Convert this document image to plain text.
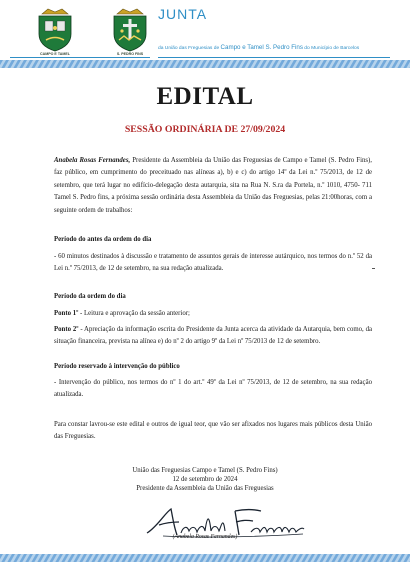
CAMPO E TAMEL	S. PEDRO FINS
JUNTA
da União das Freguesias de Campo e Tamel S. Pedro Fins do Município de Barcelos
EDITAL
SESSÃO ORDINÁRIA DE 27/09/2024
Anabela Rosas Fernandes, Presidente da Assembleia da União das Freguesias de Campo e Tamel (S. Pedro Fins), faz público, em cumprimento do preceituado nas alíneas a), b) e c) do artigo 14º da Lei n.º 75/2013, de 12 de setembro, que terá lugar no edifício-delegação desta autarquia, sita na Rua N. S.ra da Portela, n.º 1010, 4750- 711 Tamel S. Pedro fins, a próxima sessão ordinária desta Assembleia da União das Freguesias, pelas 21:00horas, com a seguinte ordem de trabalhos:
Período do antes da ordem do dia
- 60 minutos destinados à discussão e tratamento de assuntos gerais de interesse autárquico, nos termos do n.º 52 da Lei n.º 75/2013, de 12 de setembro, na sua redação atualizada.
Período da ordem do dia
Ponto 1º - Leitura e aprovação da sessão anterior;
Ponto 2º - Apreciação da informação escrita do Presidente da Junta acerca da atividade da Autarquia, bem como, da situação financeira, prevista na alínea e) do nº 2 do artigo 9º da Lei nº 75/2013 de 12 de setembro.
Período reservado à intervenção do público
- Intervenção do público, nos termos do nº 1 do art.º 49º da Lei nº 75/2013, de 12 de setembro, na sua redação atualizada.
Para constar lavrou-se este edital e outros de igual teor, que vão ser afixados nos lugares mais públicos desta União das Freguesias.
União das Freguesias Campo e Tamel (S. Pedro Fins)
12 de setembro de 2024
Presidente da Assembleia da União das Freguesias
(Anabela Rosas Fernandes)
